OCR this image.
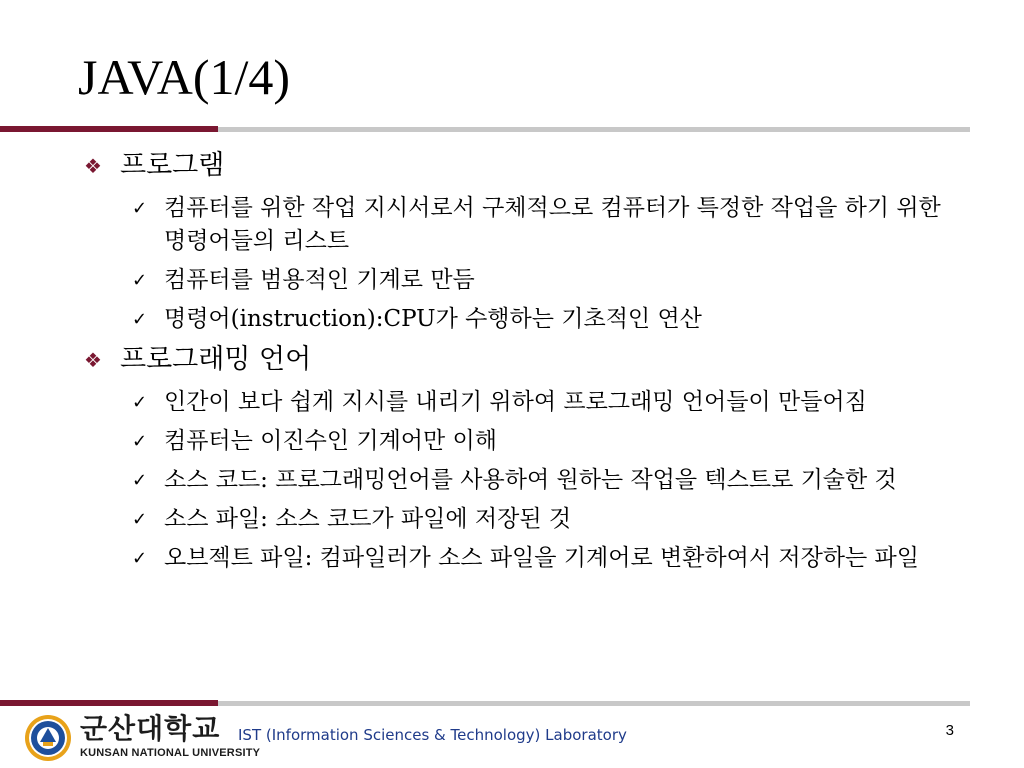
JAVA(1/4)
❖ 프로그램
✓ 컴퓨터를 위한 작업 지시서로서 구체적으로 컴퓨터가 특정한 작업을 하기 위한 명령어들의 리스트
✓ 컴퓨터를 범용적인 기계로 만듬
✓ 명령어(instruction):CPU가 수행하는 기초적인 연산
❖ 프로그래밍 언어
✓ 인간이 보다 쉽게 지시를 내리기 위하여 프로그래밍 언어들이 만들어짐
✓ 컴퓨터는 이진수인 기계어만 이해
✓ 소스 코드: 프로그래밍언어를 사용하여 원하는 작업을 텍스트로 기술한 것
✓ 소스 파일: 소스 코드가 파일에 저장된 것
✓ 오브젝트 파일: 컴파일러가 소스 파일을 기계어로 변환하여서 저장하는 파일
군산대학교
KUNSAN NATIONAL UNIVERSITY
IST (Information Sciences & Technology) Laboratory	3
